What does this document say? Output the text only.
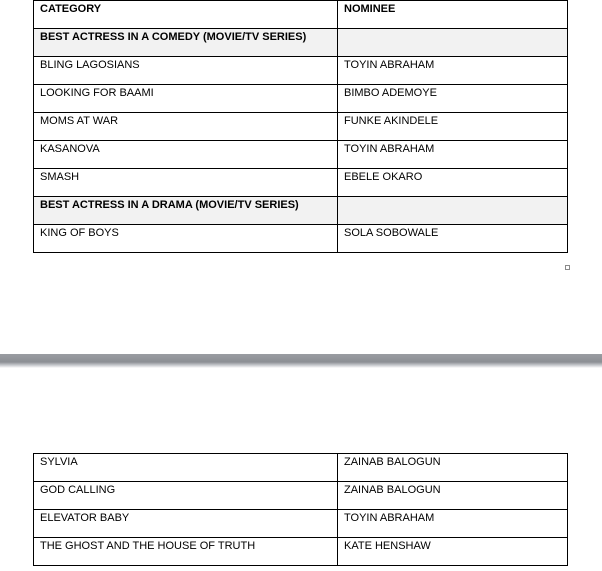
CATEGORY	NOMINEE
BEST ACTRESS IN A COMEDY (MOVIE/TV SERIES)	
BLING LAGOSIANS	TOYIN ABRAHAM
LOOKING FOR BAAMI	BIMBO ADEMOYE
MOMS AT WAR	FUNKE AKINDELE
KASANOVA	TOYIN ABRAHAM
SMASH	EBELE OKARO
BEST ACTRESS IN A DRAMA (MOVIE/TV SERIES)	
KING OF BOYS	SOLA SOBOWALE
SYLVIA	ZAINAB BALOGUN
GOD CALLING	ZAINAB BALOGUN
ELEVATOR BABY	TOYIN ABRAHAM
THE GHOST AND THE HOUSE OF TRUTH	KATE HENSHAW
